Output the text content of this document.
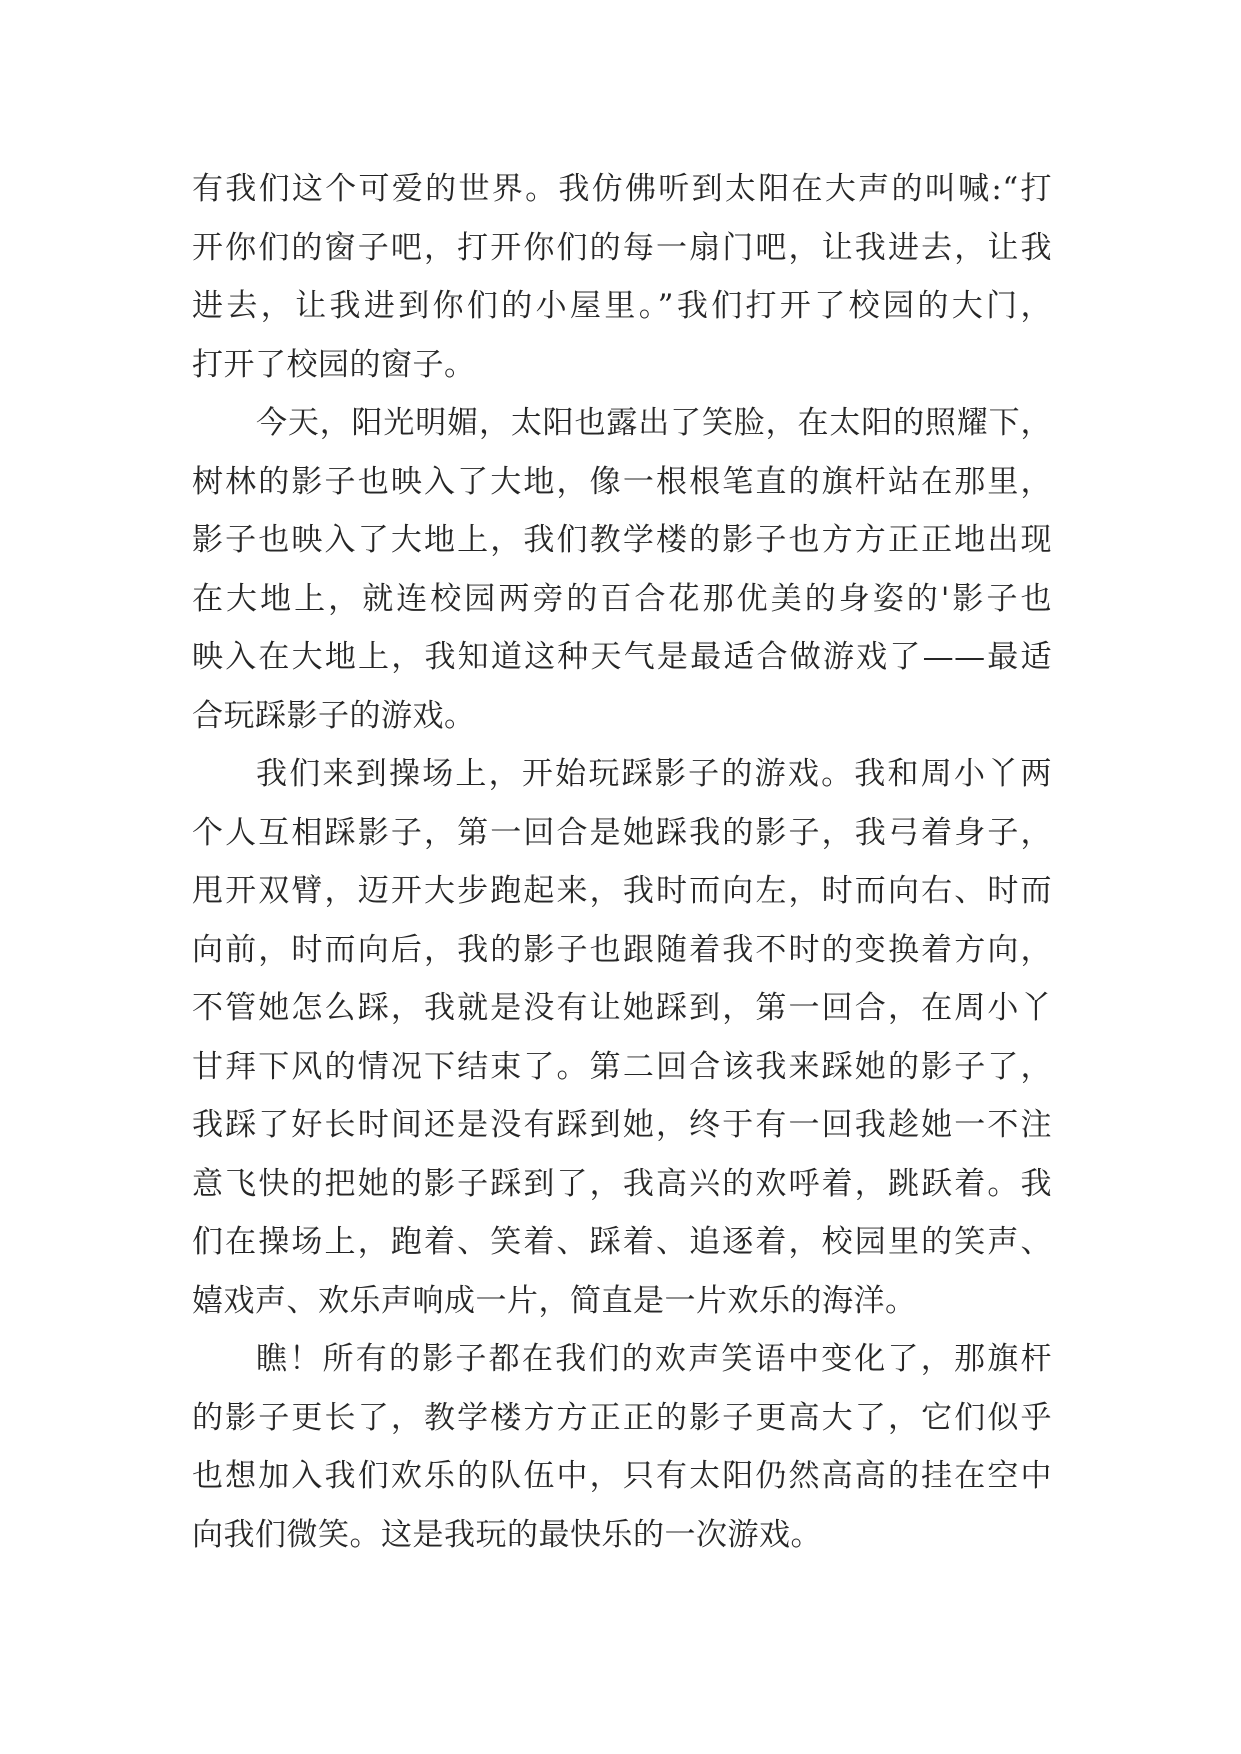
有我们这个可爱的世界。我仿佛听到太阳在大声的叫喊:“打
开你们的窗子吧，打开你们的每一扇门吧，让我进去，让我
进去，让我进到你们的小屋里。”我们打开了校园的大门，
打开了校园的窗子。
今天，阳光明媚，太阳也露出了笑脸，在太阳的照耀下，
树林的影子也映入了大地，像一根根笔直的旗杆站在那里，
影子也映入了大地上，我们教学楼的影子也方方正正地出现
在大地上，就连校园两旁的百合花那优美的身姿的'影子也
映入在大地上，我知道这种天气是最适合做游戏了——最适
合玩踩影子的游戏。
我们来到操场上，开始玩踩影子的游戏。我和周小丫两
个人互相踩影子，第一回合是她踩我的影子，我弓着身子，
甩开双臂，迈开大步跑起来，我时而向左，时而向右、时而
向前，时而向后，我的影子也跟随着我不时的变换着方向，
不管她怎么踩，我就是没有让她踩到，第一回合，在周小丫
甘拜下风的情况下结束了。第二回合该我来踩她的影子了，
我踩了好长时间还是没有踩到她，终于有一回我趁她一不注
意飞快的把她的影子踩到了，我高兴的欢呼着，跳跃着。我
们在操场上，跑着、笑着、踩着、追逐着，校园里的笑声、
嬉戏声、欢乐声响成一片，简直是一片欢乐的海洋。
瞧！所有的影子都在我们的欢声笑语中变化了，那旗杆
的影子更长了，教学楼方方正正的影子更高大了，它们似乎
也想加入我们欢乐的队伍中，只有太阳仍然高高的挂在空中
向我们微笑。这是我玩的最快乐的一次游戏。
